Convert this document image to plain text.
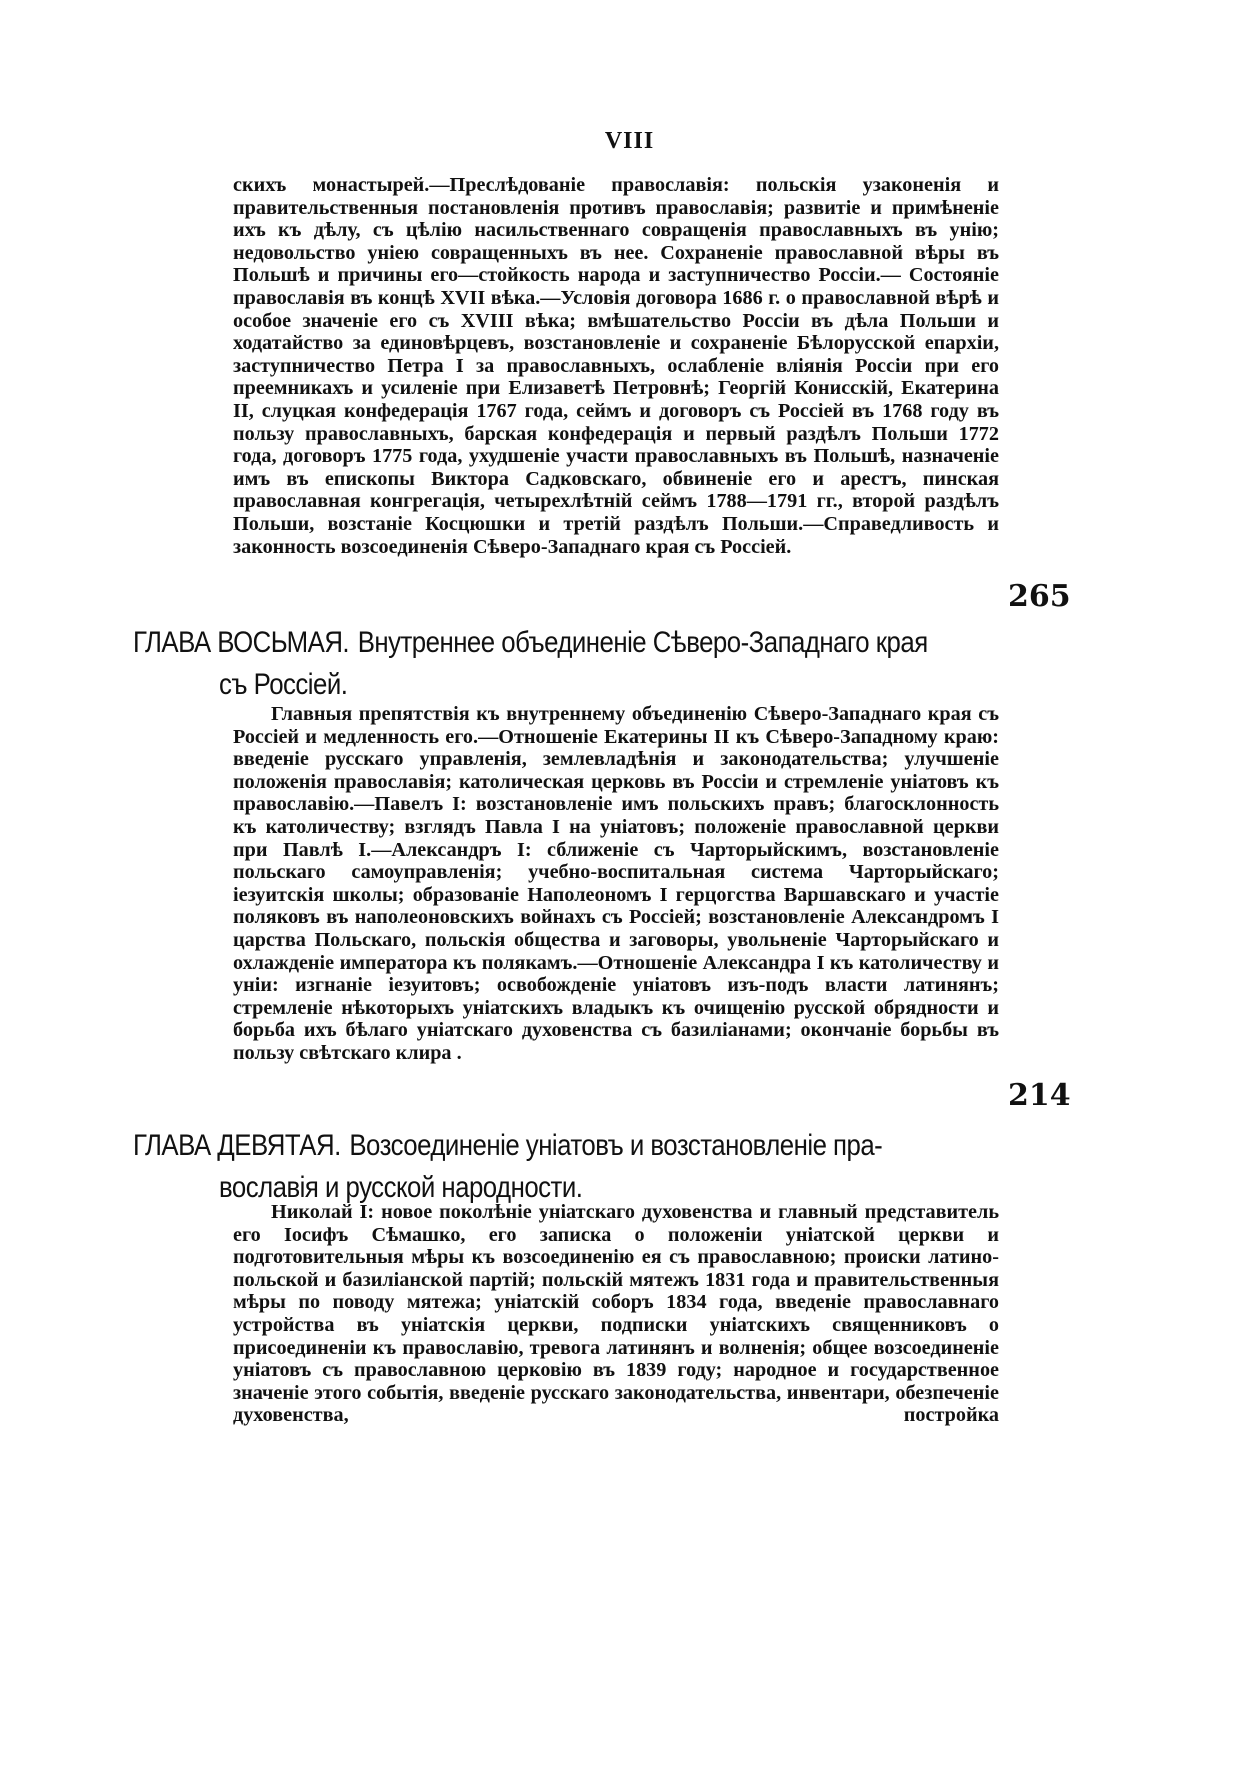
VIII
скихъ монастырей.—Преслѣдованіе православія: польскія узаконенія и правительственныя постановленія противъ православія; развитіе и примѣненіе ихъ къ дѣлу, съ цѣлію насильственнаго совращенія православныхъ въ унію; недовольство уніею совращенныхъ въ нее. Сохраненіе православной вѣры въ Польшѣ и причины его—стойкость народа и заступничество Россіи.— Состояніе православія въ концѣ XVII вѣка.—Условія договора 1686 г. о православной вѣрѣ и особое значеніе его съ XVIII вѣка; вмѣшательство Россіи въ дѣла Польши и ходатайство за единовѣрцевъ, возстановленіе и сохраненіе Бѣлорусской епархіи, заступничество Петра I за православныхъ, ослабленіе вліянія Россіи при его преемникахъ и усиленіе при Елизаветѣ Петровнѣ; Георгій Конисскій, Екатерина II, слуцкая конфедерація 1767 года, сеймъ и договоръ съ Россіей въ 1768 году въ пользу православныхъ, барская конфедерація и первый раздѣлъ Польши 1772 года, договоръ 1775 года, ухудшеніе участи православныхъ въ Польшѣ, назначеніе имъ въ епископы Виктора Садковскаго, обвиненіе его и арестъ, пинская православная конгрегація, четырехлѣтній сеймъ 1788—1791 гг., второй раздѣлъ Польши, возстаніе Косцюшки и третій раздѣлъ Польши.—Справедливость и законность возсоединенія Сѣверо-Западнаго края съ Россіей.
265
ГЛАВА ВОСЬМАЯ. Внутреннее объединеніе Сѣверо-Западнаго края
съ Россіей.
Главныя препятствія къ внутреннему объединенію Сѣверо-Западнаго края съ Россіей и медленность его.—Отношеніе Екатерины II къ Сѣверо-Западному краю: введеніе русскаго управленія, землевладѣнія и законодательства; улучшеніе положенія православія; католическая церковь въ Россіи и стремленіе уніатовъ къ православію.—Павелъ I: возстановленіе имъ польскихъ правъ; благосклонность къ католичеству; взглядъ Павла I на уніатовъ; положеніе православной церкви при Павлѣ I.—Александръ I: сближеніе съ Чарторыйскимъ, возстановленіе польскаго самоуправленія; учебно-воспитальная система Чарторыйскаго; іезуитскія школы; образованіе Наполеономъ I герцогства Варшавскаго и участіе поляковъ въ наполеоновскихъ войнахъ съ Россіей; возстановленіе Александромъ I царства Польскаго, польскія общества и заговоры, увольненіе Чарторыйскаго и охлажденіе императора къ полякамъ.—Отношеніе Александра I къ католичеству и уніи: изгнаніе іезуитовъ; освобожденіе уніатовъ изъ-подъ власти латинянъ; стремленіе нѣкоторыхъ уніатскихъ владыкъ къ очищенію русской обрядности и борьба ихъ бѣлаго уніатскаго духовенства съ базиліанами; окончаніе борьбы въ пользу свѣтскаго клира .
214
ГЛАВА ДЕВЯТАЯ. Возсоединеніе уніатовъ и возстановленіе пра-
вославія и русской народности.
Николай I: новое поколѣніе уніатскаго духовенства и главный представитель его Іосифъ Сѣмашко, его записка о положеніи уніатской церкви и подготовительныя мѣры къ возсоединенію ея съ православною; происки латино-польской и базиліанской партій; польскій мятежъ 1831 года и правительственныя мѣры по поводу мятежа; уніатскій соборъ 1834 года, введеніе православнаго устройства въ уніатскія церкви, подписки уніатскихъ священниковъ о присоединеніи къ православію, тревога латинянъ и волненія; общее возсоединеніе уніатовъ съ православною церковію въ 1839 году; народное и государственное значеніе этого событія, введеніе русскаго законодательства, инвентари, обезпеченіе духовенства, постройка
